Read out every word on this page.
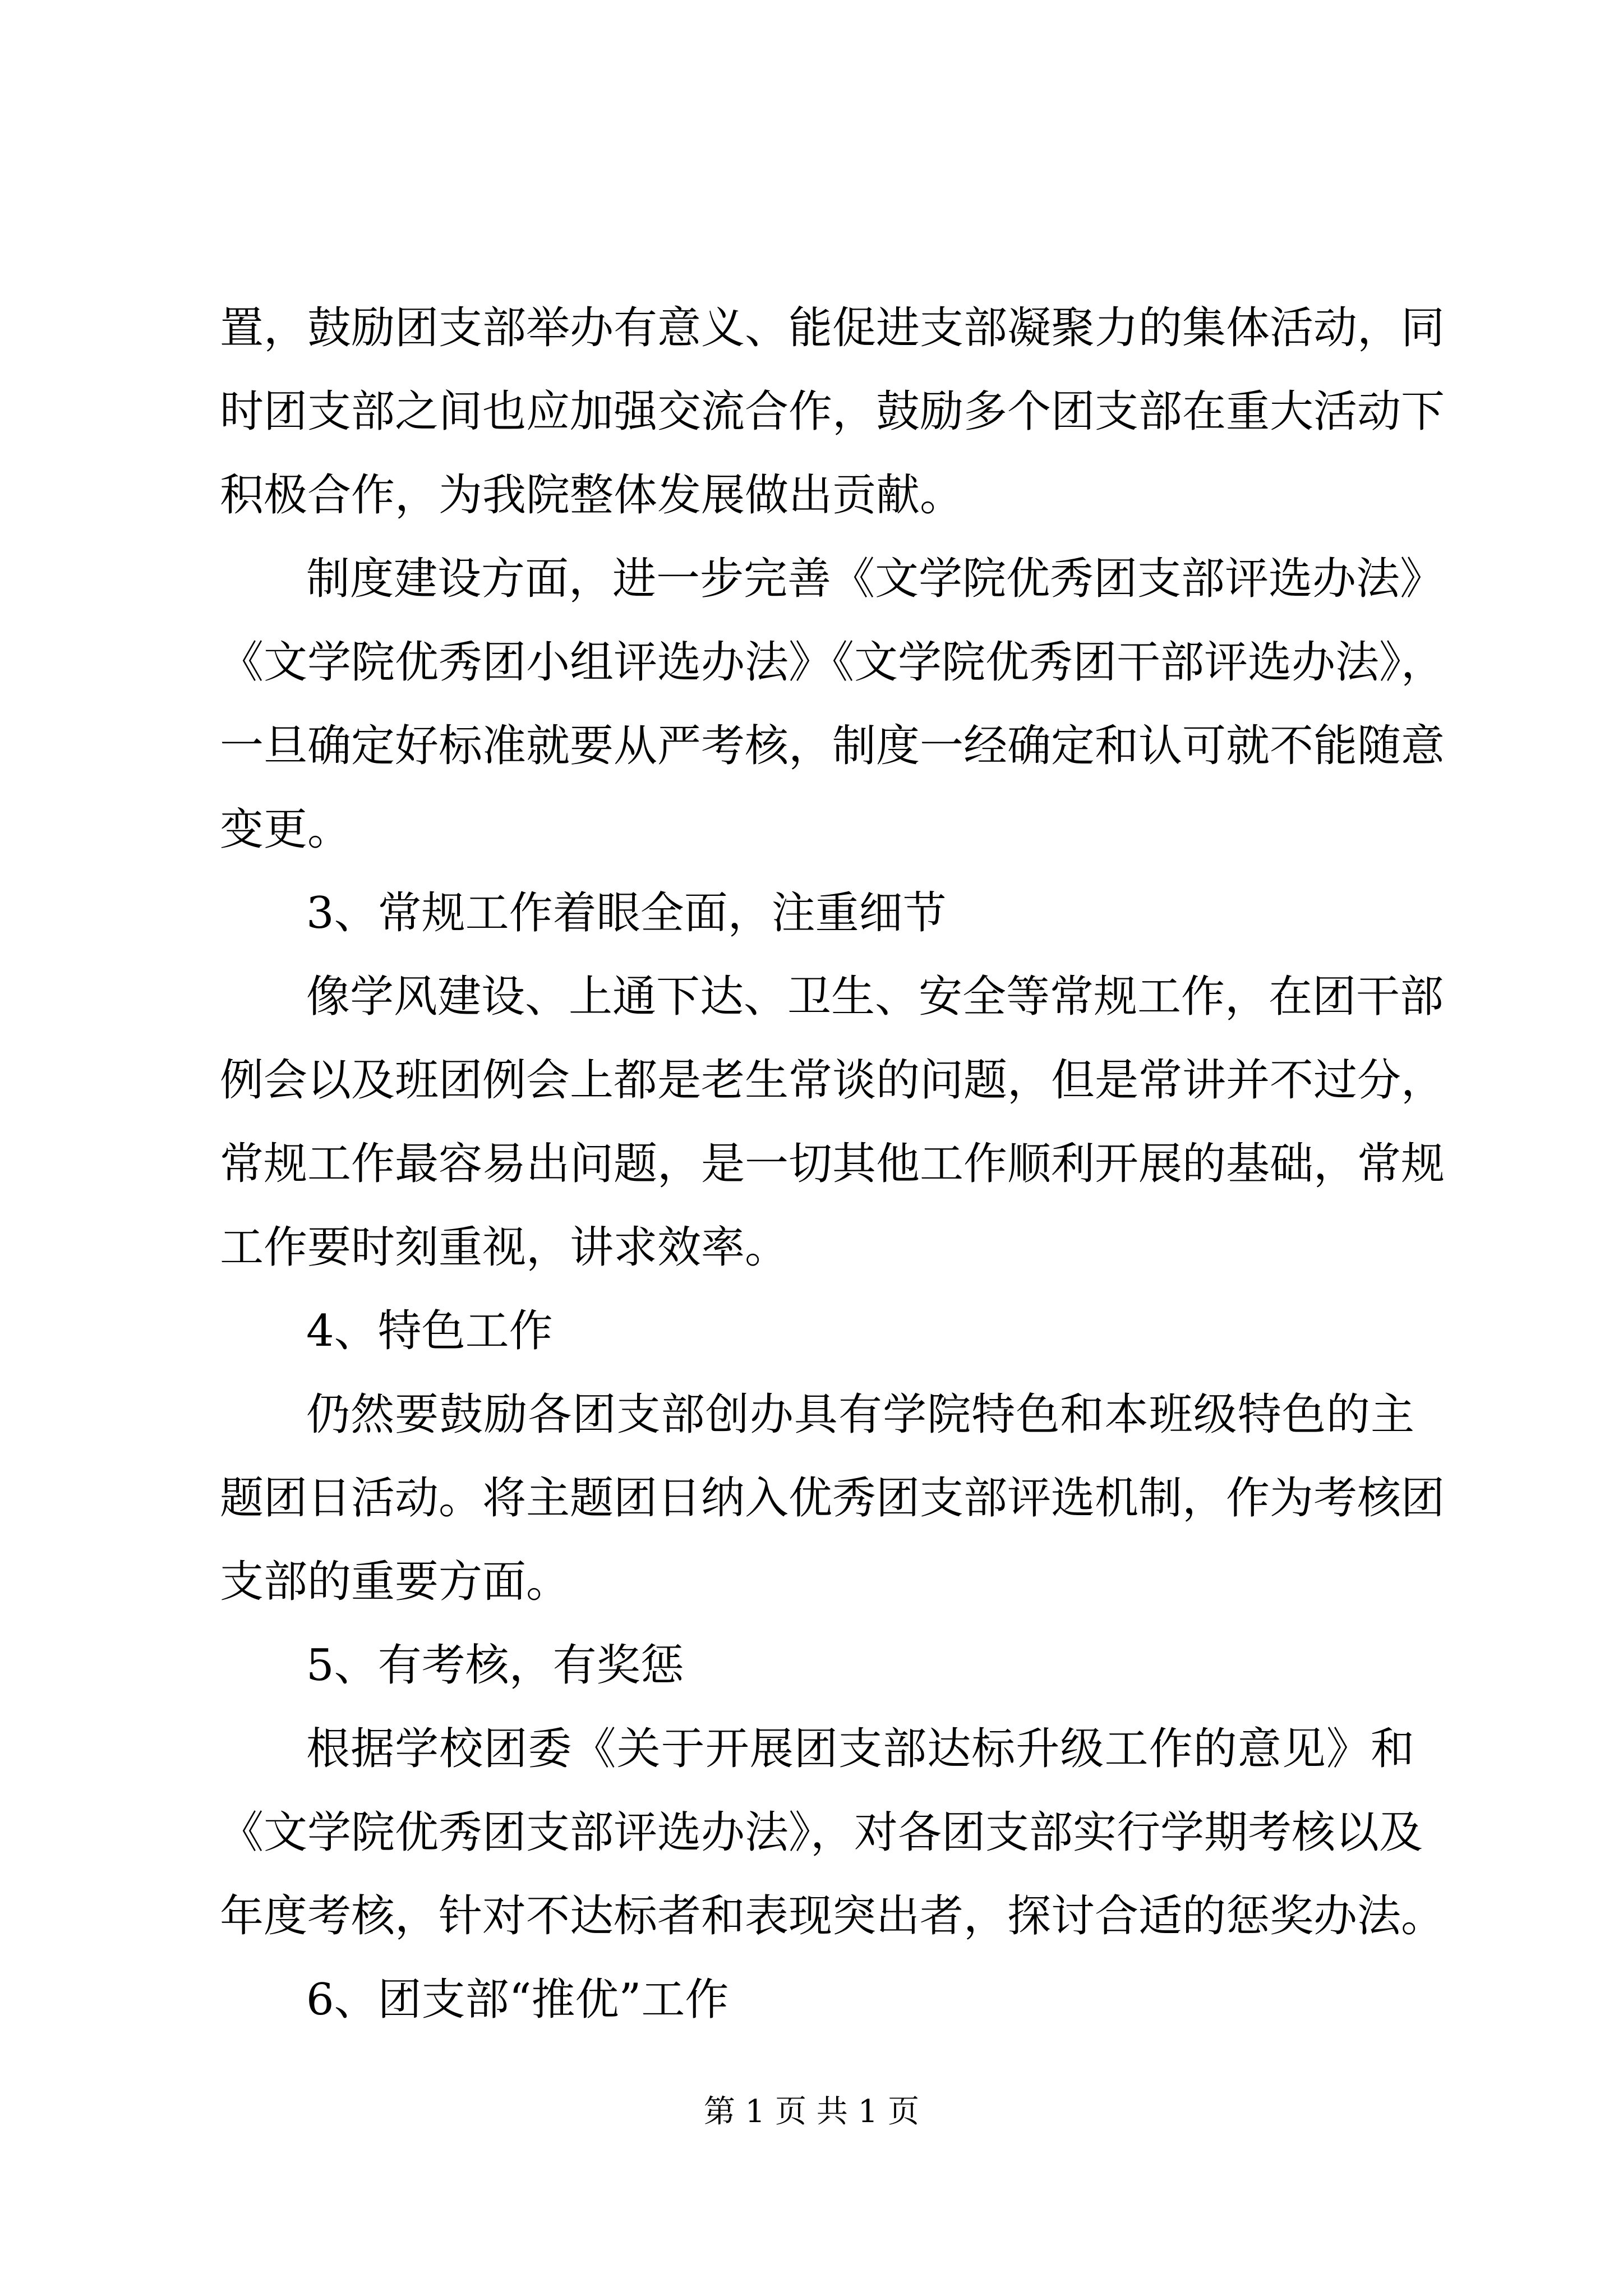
置，鼓励团支部举办有意义、能促进支部凝聚力的集体活动，同
时团支部之间也应加强交流合作，鼓励多个团支部在重大活动下
积极合作，为我院整体发展做出贡献。
制度建设方面，进一步完善《文学院优秀团支部评选办法》
《文学院优秀团小组评选办法》《文学院优秀团干部评选办法》，
一旦确定好标准就要从严考核，制度一经确定和认可就不能随意
变更。
3、常规工作着眼全面，注重细节
像学风建设、上通下达、卫生、安全等常规工作，在团干部
例会以及班团例会上都是老生常谈的问题，但是常讲并不过分，
常规工作最容易出问题，是一切其他工作顺利开展的基础，常规
工作要时刻重视，讲求效率。
4、特色工作
仍然要鼓励各团支部创办具有学院特色和本班级特色的主
题团日活动。将主题团日纳入优秀团支部评选机制，作为考核团
支部的重要方面。
5、有考核，有奖惩
根据学校团委《关于开展团支部达标升级工作的意见》和
《文学院优秀团支部评选办法》，对各团支部实行学期考核以及
年度考核，针对不达标者和表现突出者，探讨合适的惩奖办法。
6、团支部“推优”工作
第 1 页 共 1 页
